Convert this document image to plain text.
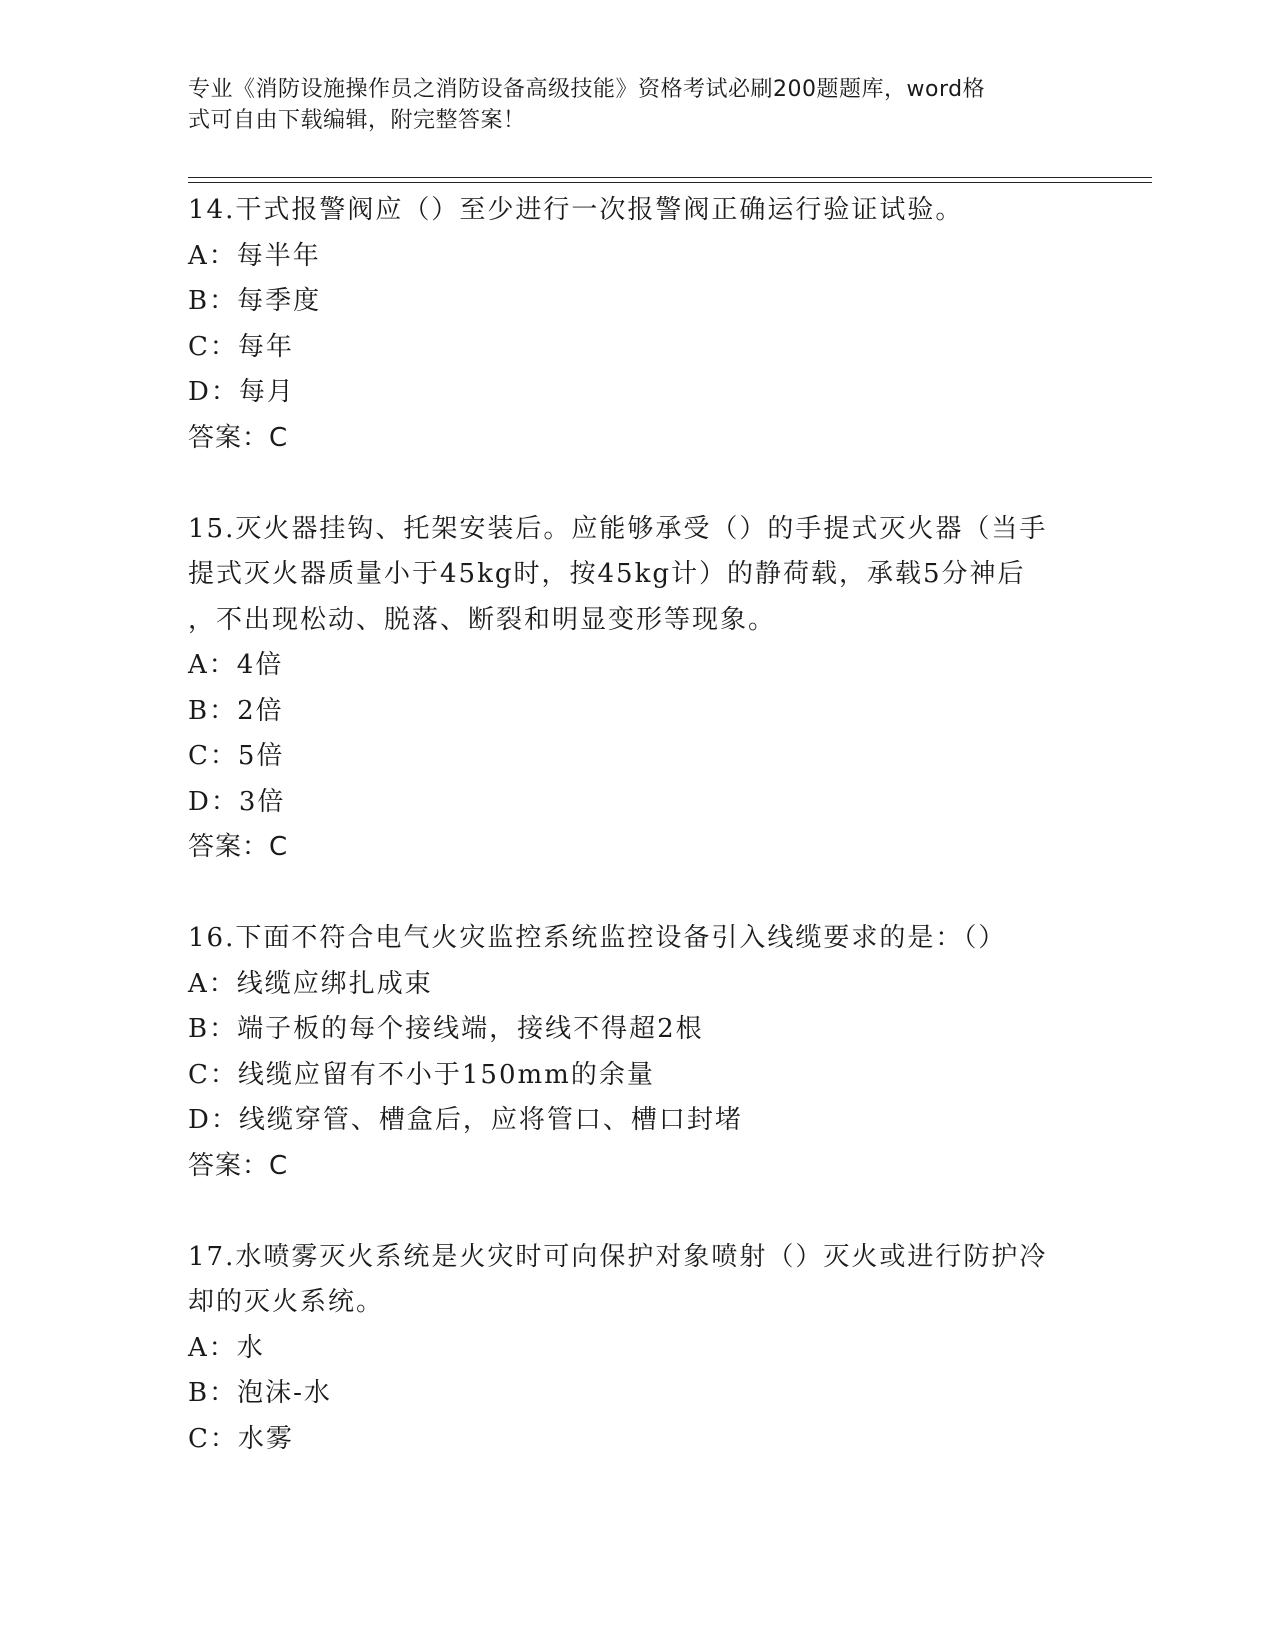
专业《消防设施操作员之消防设备高级技能》资格考试必刷200题题库，word格
式可自由下载编辑，附完整答案！
14.干式报警阀应（）至少进行一次报警阀正确运行验证试验。
A：每半年
B：每季度
C：每年
D：每月
答案：C
15.灭火器挂钩、托架安装后。应能够承受（）的手提式灭火器（当手
提式灭火器质量小于45kg时，按45kg计）的静荷载，承载5分神后
，不出现松动、脱落、断裂和明显变形等现象。
A：4倍
B：2倍
C：5倍
D：3倍
答案：C
16.下面不符合电气火灾监控系统监控设备引入线缆要求的是：（）
A：线缆应绑扎成束
B：端子板的每个接线端，接线不得超2根
C：线缆应留有不小于150mm的余量
D：线缆穿管、槽盒后，应将管口、槽口封堵
答案：C
17.水喷雾灭火系统是火灾时可向保护对象喷射（）灭火或进行防护冷
却的灭火系统。
A：水
B：泡沫-水
C：水雾
